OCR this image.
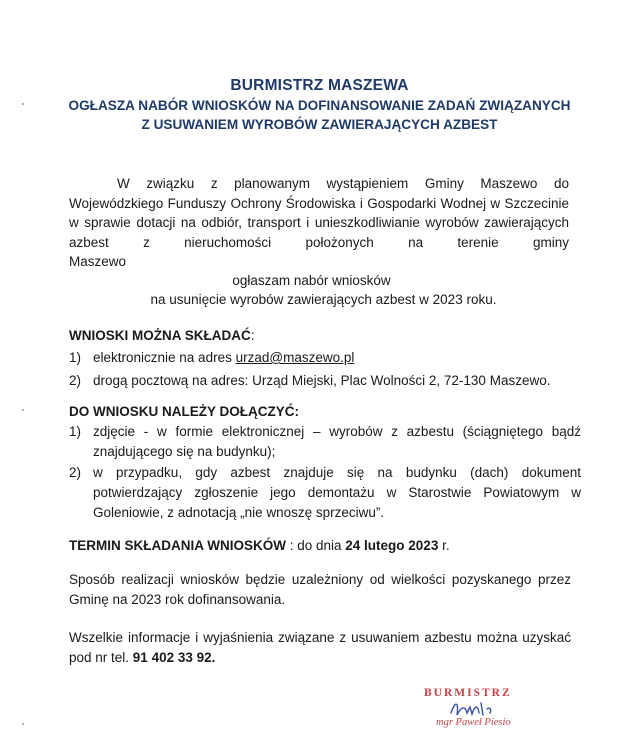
BURMISTRZ MASZEWA
OGŁASZA NABÓR WNIOSKÓW NA DOFINANSOWANIE ZADAŃ ZWIĄZANYCH
Z USUWANIEM WYROBÓW ZAWIERAJĄCYCH AZBEST

W związku z planowanym wystąpieniem Gminy Maszewo do Wojewódzkiego Funduszy Ochrony Środowiska i Gospodarki Wodnej w Szczecinie w sprawie dotacji na odbiór, transport i unieszkodliwianie wyrobów zawierających azbest z nieruchomości położonych na terenie gminy

Maszewo

ogłaszam nabór wniosków

na usunięcie wyrobów zawierających azbest w 2023 roku.

WNIOSKI MOŻNA SKŁADAĆ:
1) elektronicznie na adres urzad@maszewo.pl
2) drogą pocztową na adres: Urząd Miejski, Plac Wolności 2, 72-130 Maszewo.
DO WNIOSKU NALEŻY DOŁĄCZYĆ:
1) zdjęcie - w formie elektronicznej – wyrobów z azbestu (ściągniętego bądź znajdującego się na budynku);
2) w przypadku, gdy azbest znajduje się na budynku (dach) dokument potwierdzający zgłoszenie jego demontażu w Starostwie Powiatowym w Goleniowie, z adnotacją „nie wnoszę sprzeciwu”.
TERMIN SKŁADANIA WNIOSKÓW : do dnia 24 lutego 2023 r.

Sposób realizacji wniosków będzie uzależniony od wielkości pozyskanego przez Gminę na 2023 rok dofinansowania.

Wszelkie informacje i wyjaśnienia związane z usuwaniem azbestu można uzyskać pod nr tel. 91 402 33 92.

BURMISTRZ
mgr Paweł Piesio
